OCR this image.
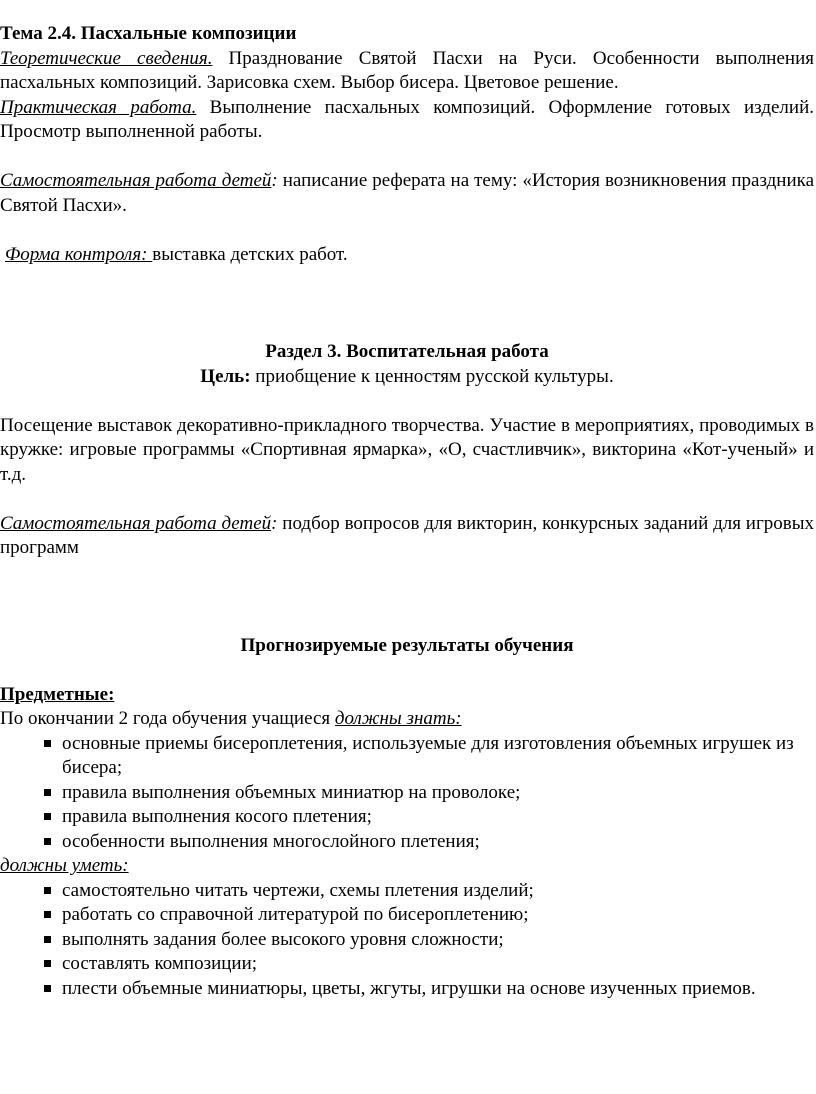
Тема 2.4. Пасхальные композиции

Теоретические сведения. Празднование Святой Пасхи на Руси. Особенности выполнения пасхальных композиций. Зарисовка схем. Выбор бисера. Цветовое решение.

Практическая работа. Выполнение пасхальных композиций. Оформление готовых изделий. Просмотр выполненной работы.

Самостоятельная работа детей: написание реферата на тему: «История возникновения праздника Святой Пасхи».

Форма контроля: выставка детских работ.

Раздел 3. Воспитательная работа

Цель: приобщение к ценностям русской культуры.

Посещение выставок декоративно-прикладного творчества. Участие в мероприятиях, проводимых в кружке: игровые программы «Спортивная ярмарка», «О, счастливчик», викторина «Кот-ученый» и т.д.

Самостоятельная работа детей: подбор вопросов для викторин, конкурсных заданий для игровых программ

Прогнозируемые результаты обучения

Предметные:

По окончании 2 года обучения учащиеся должны знать:

основные приемы бисероплетения, используемые для изготовления объемных игрушек из бисера;
правила выполнения объемных миниатюр на проволоке;
правила выполнения косого плетения;
особенности выполнения многослойного плетения;

должны уметь:

самостоятельно читать чертежи, схемы плетения изделий;
работать со справочной литературой по бисероплетению;
выполнять задания более высокого уровня сложности;
составлять композиции;
плести объемные миниатюры, цветы, жгуты, игрушки на основе изученных приемов.
